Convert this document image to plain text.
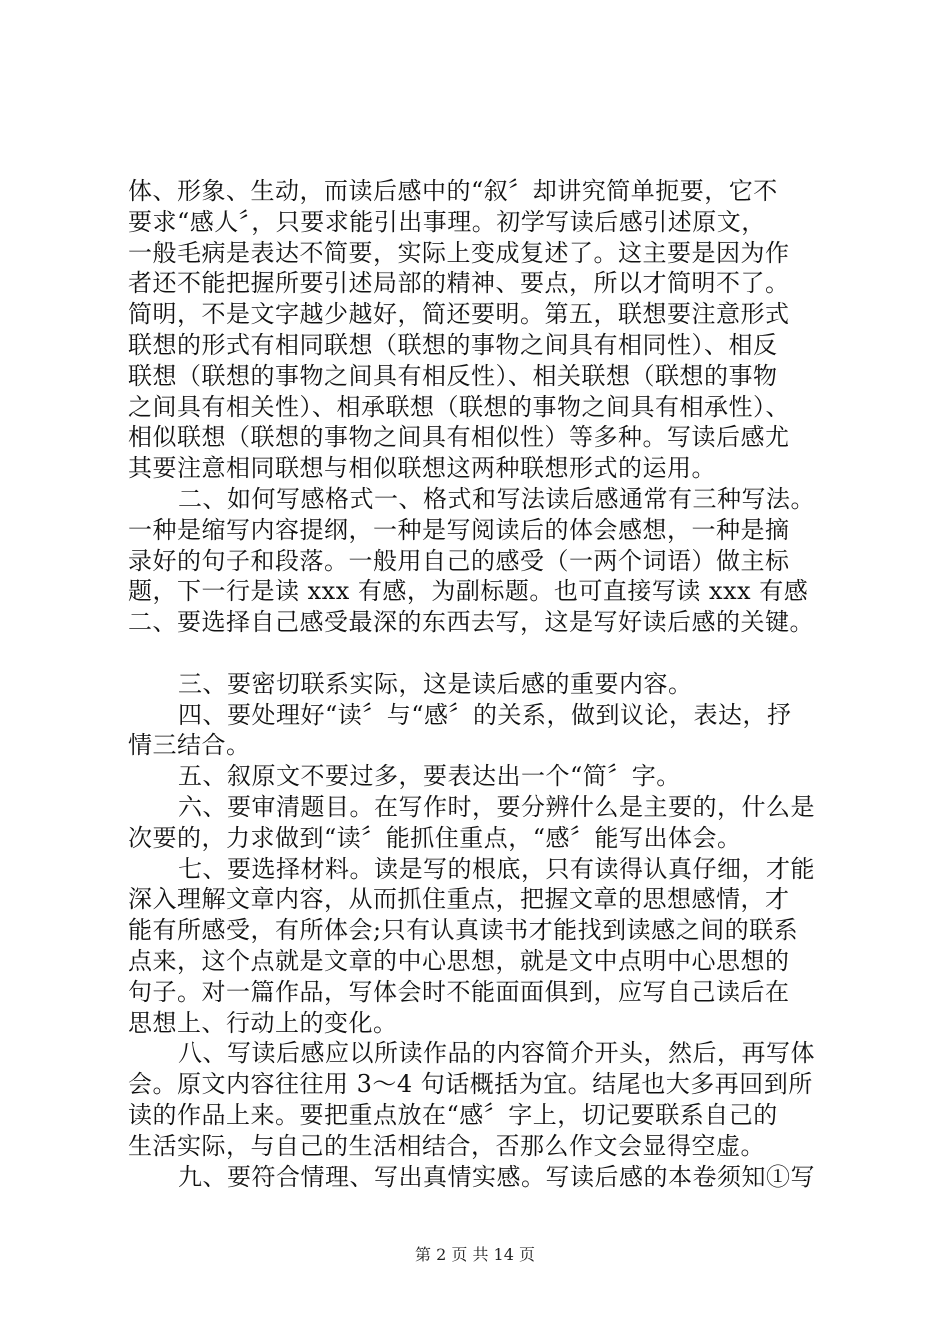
体、形象、生动，而读后感中的“叙〞却讲究简单扼要，它不
要求“感人〞，只要求能引出事理。初学写读后感引述原文，
一般毛病是表达不简要，实际上变成复述了。这主要是因为作
者还不能把握所要引述局部的精神、要点，所以才简明不了。
简明，不是文字越少越好，简还要明。第五，联想要注意形式
联想的形式有相同联想（联想的事物之间具有相同性）、相反
联想（联想的事物之间具有相反性）、相关联想（联想的事物
之间具有相关性）、相承联想（联想的事物之间具有相承性）、
相似联想（联想的事物之间具有相似性）等多种。写读后感尤
其要注意相同联想与相似联想这两种联想形式的运用。
二、如何写感格式一、格式和写法读后感通常有三种写法。
一种是缩写内容提纲，一种是写阅读后的体会感想，一种是摘
录好的句子和段落。一般用自己的感受（一两个词语）做主标
题，下一行是读 xxx 有感，为副标题。也可直接写读 xxx 有感
二、要选择自己感受最深的东西去写，这是写好读后感的关键。
三、要密切联系实际，这是读后感的重要内容。
四、要处理好“读〞与“感〞的关系，做到议论，表达，抒
情三结合。
五、叙原文不要过多，要表达出一个“简〞字。
六、要审清题目。在写作时，要分辨什么是主要的，什么是
次要的，力求做到“读〞能抓住重点，“感〞能写出体会。
七、要选择材料。读是写的根底，只有读得认真仔细，才能
深入理解文章内容，从而抓住重点，把握文章的思想感情，才
能有所感受，有所体会;只有认真读书才能找到读感之间的联系
点来，这个点就是文章的中心思想，就是文中点明中心思想的
句子。对一篇作品，写体会时不能面面俱到，应写自己读后在
思想上、行动上的变化。
八、写读后感应以所读作品的内容简介开头，然后，再写体
会。原文内容往往用 3～4 句话概括为宜。结尾也大多再回到所
读的作品上来。要把重点放在“感〞字上，切记要联系自己的
生活实际，与自己的生活相结合，否那么作文会显得空虚。
九、要符合情理、写出真情实感。写读后感的本卷须知①写
第 2 页 共 14 页
